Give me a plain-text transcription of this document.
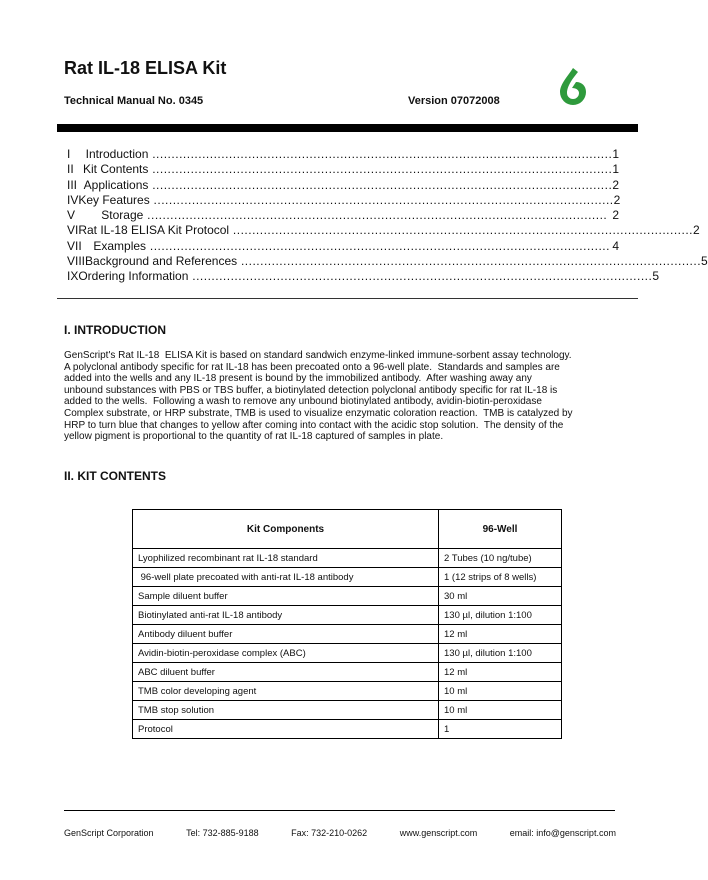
Rat IL-18 ELISA Kit
Technical Manual No. 0345	Version 07072008
I	Introduction ........................................................................................................................ 1
II Kit Contents ........................................................................................................................ 1
III Applications ........................................................................................................................ 2
IV Key Features ........................................................................................................................ 2
V	Storage ........................................................................................................................ 2
VI Rat IL-18 ELISA Kit Protocol ........................................................................................................................ 2
VII Examples ........................................................................................................................ 4
VIII Background and References ........................................................................................................................ 5
IX Ordering Information ........................................................................................................................ 5
I. INTRODUCTION
GenScript's Rat IL-18  ELISA Kit is based on standard sandwich enzyme-linked immune-sorbent assay technology.
A polyclonal antibody specific for rat IL-18 has been precoated onto a 96-well plate.  Standards and samples are
added into the wells and any IL-18 present is bound by the immobilized antibody.  After washing away any
unbound substances with PBS or TBS buffer, a biotinylated detection polyclonal antibody specific for rat IL-18 is
added to the wells.  Following a wash to remove any unbound biotinylated antibody, avidin-biotin-peroxidase
Complex substrate, or HRP substrate, TMB is used to visualize enzymatic coloration reaction.  TMB is catalyzed by
HRP to turn blue that changes to yellow after coming into contact with the acidic stop solution.  The density of the
yellow pigment is proportional to the quantity of rat IL-18 captured of samples in plate.
II. KIT CONTENTS
Kit Components	96-Well
Lyophilized recombinant rat IL-18 standard	2 Tubes (10 ng/tube)
96-well plate precoated with anti-rat IL-18 antibody	1 (12 strips of 8 wells)
Sample diluent buffer	30 ml
Biotinylated anti-rat IL-18 antibody	130 µl, dilution 1:100
Antibody diluent buffer	12 ml
Avidin-biotin-peroxidase complex (ABC)	130 µl, dilution 1:100
ABC diluent buffer	12 ml
TMB color developing agent	10 ml
TMB stop solution	10 ml
Protocol	1
GenScript Corporation	Tel: 732-885-9188	Fax: 732-210-0262	www.genscript.com	email: info@genscript.com
